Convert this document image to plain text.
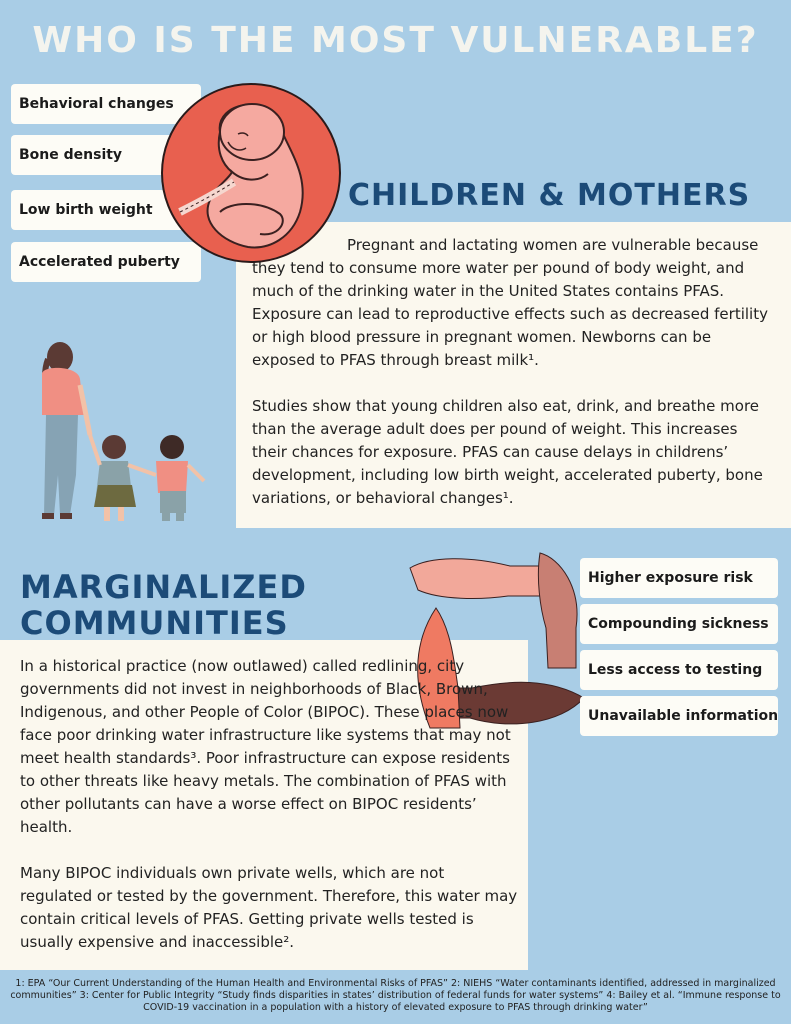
WHO IS THE MOST VULNERABLE?
Behavioral changes
Bone density
Low birth weight
Accelerated puberty
CHILDREN & MOTHERS

Pregnant and lactating women are vulnerable because they tend to consume more water per pound of body weight, and much of the drinking water in the United States contains PFAS. Exposure can lead to reproductive effects such as decreased fertility or high blood pressure in pregnant women. Newborns can be exposed to PFAS through breast milk¹.

Studies show that young children also eat, drink, and breathe more than the average adult does per pound of weight. This increases their chances for exposure. PFAS can cause delays in childrens’ development, including low birth weight, accelerated puberty, bone variations, or behavioral changes¹.

MARGINALIZED
COMMUNITIES
Higher exposure risk
Compounding sickness
Less access to testing
Unavailable information

In a historical practice (now outlawed) called redlining, city governments did not invest in neighborhoods of Black, Brown, Indigenous, and other People of Color (BIPOC). These places now face poor drinking water infrastructure like systems that may not meet health standards³. Poor infrastructure can expose residents to other threats like heavy metals. The combination of PFAS with other pollutants can have a worse effect on BIPOC residents’ health.

Many BIPOC individuals own private wells, which are not regulated or tested by the government. Therefore, this water may contain critical levels of PFAS. Getting private wells tested is usually expensive and inaccessible².

1: EPA “Our Current Understanding of the Human Health and Environmental Risks of PFAS” 2: NIEHS “Water contaminants identified, addressed in marginalized communities” 3: Center for Public Integrity “Study finds disparities in states’ distribution of federal funds for water systems” 4: Bailey et al. “Immune response to COVID-19 vaccination in a population with a history of elevated exposure to PFAS through drinking water”
